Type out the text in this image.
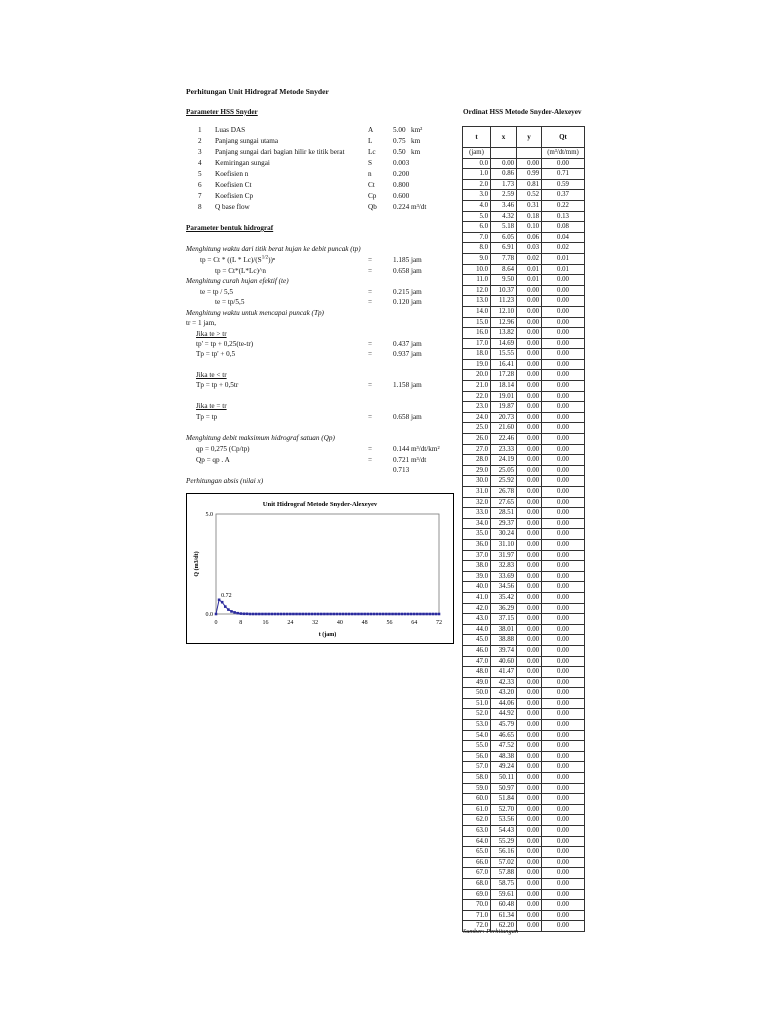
Perhitungan Unit Hidrograf Metode Snyder
Parameter HSS Snyder	Ordinat HSS Metode Snyder-Alexeyev
1 Luas DAS	A	5.00 km²
2 Panjang sungai utama	L	0.75 km
3 Panjang sungai dari bagian hilir ke titik berat	Lc 0.50 km
4 Kemiringan sungai	S	0.003
5 Koefisien n	n	0.200
6 Koefisien Ct	Ct	0.800
7 Koefisien Cp	Cp 0.600
8 Q base flow	Qb 0.224 m³/dt
Parameter bentuk hidrograf
Menghitung waktu dari titik berat hujan ke debit puncak (tp)
tp = Ct * $((L * Lc)/(S^{1/2}))^n$	=	1.185 jam
tp = Ct*(L*Lc)^n	=	0.658 jam
Menghitung curah hujan efektif (te)
te = tp / 5,5	=	0.215 jam
te = tp/5,5	=	0.120 jam
Menghitung waktu untuk mencapai puncak (Tp)
tr = 1 jam,
Jika te > tr
tp' = tp + 0,25(te-tr)	=	0.437 jam
Tp = tp' + 0,5	=	0.937 jam
Jika te < tr
Tp = tp + 0,5tr	=	1.158 jam
Jika te = tr
Tp = tp	=	0.658 jam
Menghitung debit maksimum hidrograf satuan (Qp)
qp = 0,275 (Cp/tp)	=	0.144 m³/dt/km²
Qp = qp . A	=	0.721 m³/dt
0.713
Perhitungan absis (nilai x)
Unit Hidrograf Metode Snyder-Alexeyev
Q (m3/dt)
t (jam)
0	8	16	24	32	40	48	56	64	72
0.0
5.0
0.72
t	x	y	Qt
(jam)			(m³/dt/mm)
0.0	0.00	0.00	0.00
1.0	0.86	0.99	0.71
2.0	1.73	0.81	0.59
3.0	2.59	0.52	0.37
4.0	3.46	0.31	0.22
5.0	4.32	0.18	0.13
6.0	5.18	0.10	0.08
7.0	6.05	0.06	0.04
8.0	6.91	0.03	0.02
9.0	7.78	0.02	0.01
10.0	8.64	0.01	0.01
11.0	9.50	0.01	0.00
12.0	10.37	0.00	0.00
13.0	11.23	0.00	0.00
14.0	12.10	0.00	0.00
15.0	12.96	0.00	0.00
16.0	13.82	0.00	0.00
17.0	14.69	0.00	0.00
18.0	15.55	0.00	0.00
19.0	16.41	0.00	0.00
20.0	17.28	0.00	0.00
21.0	18.14	0.00	0.00
22.0	19.01	0.00	0.00
23.0	19.87	0.00	0.00
24.0	20.73	0.00	0.00
25.0	21.60	0.00	0.00
26.0	22.46	0.00	0.00
27.0	23.33	0.00	0.00
28.0	24.19	0.00	0.00
29.0	25.05	0.00	0.00
30.0	25.92	0.00	0.00
31.0	26.78	0.00	0.00
32.0	27.65	0.00	0.00
33.0	28.51	0.00	0.00
34.0	29.37	0.00	0.00
35.0	30.24	0.00	0.00
36.0	31.10	0.00	0.00
37.0	31.97	0.00	0.00
38.0	32.83	0.00	0.00
39.0	33.69	0.00	0.00
40.0	34.56	0.00	0.00
41.0	35.42	0.00	0.00
42.0	36.29	0.00	0.00
43.0	37.15	0.00	0.00
44.0	38.01	0.00	0.00
45.0	38.88	0.00	0.00
46.0	39.74	0.00	0.00
47.0	40.60	0.00	0.00
48.0	41.47	0.00	0.00
49.0	42.33	0.00	0.00
50.0	43.20	0.00	0.00
51.0	44.06	0.00	0.00
52.0	44.92	0.00	0.00
53.0	45.79	0.00	0.00
54.0	46.65	0.00	0.00
55.0	47.52	0.00	0.00
56.0	48.38	0.00	0.00
57.0	49.24	0.00	0.00
58.0	50.11	0.00	0.00
59.0	50.97	0.00	0.00
60.0	51.84	0.00	0.00
61.0	52.70	0.00	0.00
62.0	53.56	0.00	0.00
63.0	54.43	0.00	0.00
64.0	55.29	0.00	0.00
65.0	56.16	0.00	0.00
66.0	57.02	0.00	0.00
67.0	57.88	0.00	0.00
68.0	58.75	0.00	0.00
69.0	59.61	0.00	0.00
70.0	60.48	0.00	0.00
71.0	61.34	0.00	0.00
72.0	62.20	0.00	0.00
Sumber: Perhitungan
